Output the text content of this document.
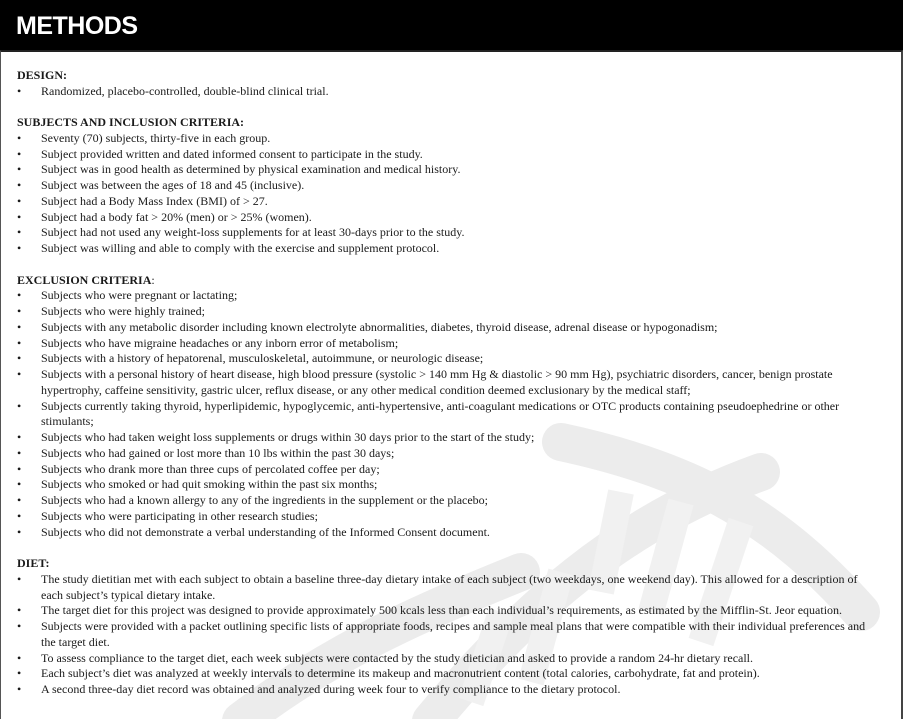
METHODS
DESIGN:
• Randomized, placebo-controlled, double-blind clinical trial.
SUBJECTS AND INCLUSION CRITERIA:
• Seventy (70) subjects, thirty-five in each group.
• Subject provided written and dated informed consent to participate in the study.
• Subject was in good health as determined by physical examination and medical history.
• Subject was between the ages of 18 and 45 (inclusive).
• Subject had a Body Mass Index (BMI) of > 27.
• Subject had a body fat > 20% (men) or > 25% (women).
• Subject had not used any weight-loss supplements for at least 30-days prior to the study.
• Subject was willing and able to comply with the exercise and supplement protocol.
EXCLUSION CRITERIA:
• Subjects who were pregnant or lactating;
• Subjects who were highly trained;
• Subjects with any metabolic disorder including known electrolyte abnormalities, diabetes, thyroid disease, adrenal disease or hypogonadism;
• Subjects who have migraine headaches or any inborn error of metabolism;
• Subjects with a history of hepatorenal, musculoskeletal, autoimmune, or neurologic disease;
• Subjects with a personal history of heart disease, high blood pressure (systolic > 140 mm Hg & diastolic > 90 mm Hg), psychiatric disorders, cancer, benign prostate hypertrophy, caffeine sensitivity, gastric ulcer, reflux disease, or any other medical condition deemed exclusionary by the medical staff;
• Subjects currently taking thyroid, hyperlipidemic, hypoglycemic, anti-hypertensive, anti-coagulant medications or OTC products containing pseudoephedrine or other stimulants;
• Subjects who had taken weight loss supplements or drugs within 30 days prior to the start of the study;
• Subjects who had gained or lost more than 10 lbs within the past 30 days;
• Subjects who drank more than three cups of percolated coffee per day;
• Subjects who smoked or had quit smoking within the past six months;
• Subjects who had a known allergy to any of the ingredients in the supplement or the placebo;
• Subjects who were participating in other research studies;
• Subjects who did not demonstrate a verbal understanding of the Informed Consent document.
DIET:
• The study dietitian met with each subject to obtain a baseline three-day dietary intake of each subject (two weekdays, one weekend day). This allowed for a description of each subject’s typical dietary intake.
• The target diet for this project was designed to provide approximately 500 kcals less than each individual’s requirements, as estimated by the Mifflin-St. Jeor equation.
• Subjects were provided with a packet outlining specific lists of appropriate foods, recipes and sample meal plans that were compatible with their individual preferences and the target diet.
• To assess compliance to the target diet, each week subjects were contacted by the study dietician and asked to provide a random 24-hr dietary recall.
• Each subject’s diet was analyzed at weekly intervals to determine its makeup and macronutrient content (total calories, carbohydrate, fat and protein).
• A second three-day diet record was obtained and analyzed during week four to verify compliance to the dietary protocol.
